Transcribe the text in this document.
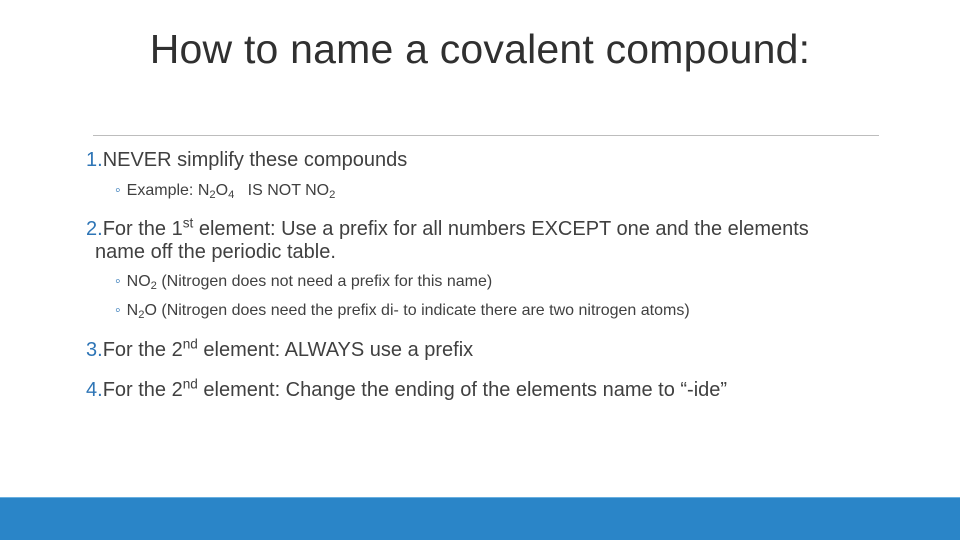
How to name a covalent compound:
1.NEVER simplify these compounds
◦ Example: $N_2O_4$   IS NOT $NO_2$
2.For the 1st element: Use a prefix for all numbers EXCEPT one and the elements
name off the periodic table.
◦ $NO_2$ (Nitrogen does not need a prefix for this name)
◦ $N_2O$ (Nitrogen does need the prefix di- to indicate there are two nitrogen atoms)
3.For the 2nd element: ALWAYS use a prefix
4.For the 2nd element: Change the ending of the elements name to “-ide”
